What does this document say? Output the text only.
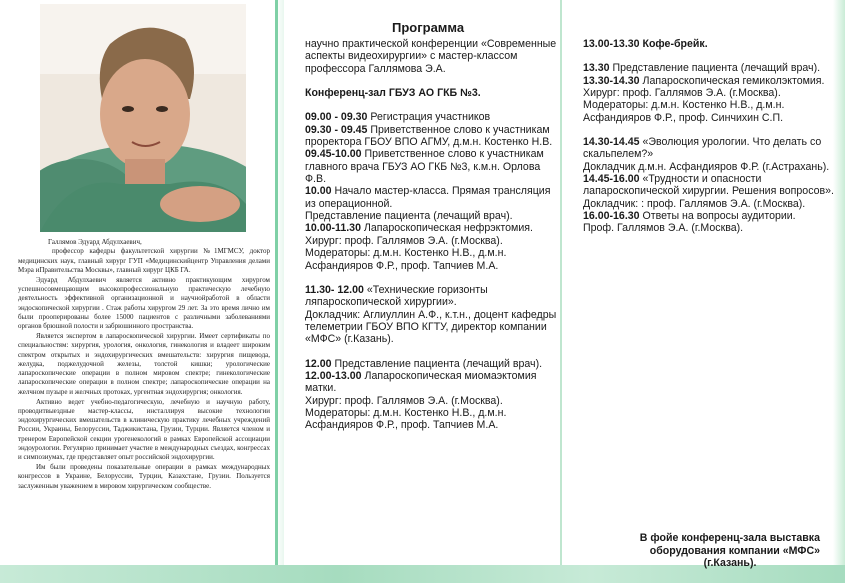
Галлямов Эдуард Абдулхаевич,

профессор кафедры факультетской хирургии №1МГМСУ, доктор медицинских наук, главный хирург ГУП «Медицинскийцентр Управления делами Мэра иПравительства Москвы», главный хирург ЦКБ ГА.

Эдуард Абдулхаевич является активно практикующим хирургом успешносовмещающим высокопрофессиональную практическую лечебную деятельность эффективной организационной и научнойработой в области эндоскопической хирургии . Стаж работы хирургом 29 лет. За это время лично им были прооперированы более 15000 пациентов с различными заболеваниями органов брюшной полости и забрюшинного пространства.

Является экспертом в лапароскопической хирургии. Имеет сертификаты по специальностям: хирургия, урология, онкология, гинекология и владеет широким спектром открытых и эндохирургических вмешательств: хирургия пищевода, желудка, поджелудочной железы, толстой кишки; урологические лапароскопические операции в полном мировом спектре; гинекологические лапароскопические операции в полном спектре; лапароскопические операции на желчном пузыре и желчных протоках, ургентная эндохирургия; онкология.

Активно ведет учебно-педагогическую, лечебную и научную работу, проводитвыездные мастер-классы, инсталлируя высокие технологии эндохирургических вмешательств в клиническую практику лечебных учреждений России, Украины, Белоруссии, Таджикистана, Грузии, Турции. Является членом и тренером Европейской секции урогенекологий в рамках Европейской ассоциации эндоурологии. Регулярно принимает участие в международных съездах, конгрессах и симпозиумах, где представляет опыт российской эндохирургии.

Им были проведены показательные операции в рамках международных конгрессов в Украине, Белоруссии, Турции, Казахстане, Грузии. Пользуется заслуженным уважением в мировом хирургическом сообществе.

Программа

научно практической конференции «Современные аспекты видеохирургии» с мастер-классом профессора Галлямова Э.А.

Конференц-зал ГБУЗ АО ГКБ №3.

09.00 - 09.30 Регистрация участников

09.30 - 09.45 Приветственное слово к участникам проректора ГБОУ ВПО АГМУ, д.м.н. Костенко Н.В.

09.45-10.00 Приветственное слово к участникам главного врача ГБУЗ АО ГКБ №3, к.м.н. Орлова Ф.В.

10.00 Начало мастер-класса. Прямая трансляция из операционной.

Представление пациента (лечащий врач).

10.00-11.30 Лапароскопическая нефрэктомия.

Хирург: проф. Галлямов Э.А. (г.Москва).

Модераторы: д.м.н. Костенко Н.В., д.м.н. Асфандияров Ф.Р., проф. Тапчиев М.А.

11.30- 12.00 «Технические горизонты ляпароскопической хирургии».

Докладчик: Аглиуллин А.Ф., к.т.н., доцент кафедры телеметрии ГБОУ ВПО КГТУ, директор компании «МФС» (г.Казань).

12.00 Представление пациента (лечащий врач).

12.00-13.00 Лапароскопическая миомаэктомия матки.

Хирург: проф. Галлямов Э.А. (г.Москва).

Модераторы: д.м.н. Костенко Н.В., д.м.н. Асфандияров Ф.Р., проф. Тапчиев М.А.

13.00-13.30 Кофе-брейк.

13.30 Представление пациента (лечащий врач).

13.30-14.30 Лапароскопическая гемиколэктомия.

Хирург: проф. Галлямов Э.А. (г.Москва).

Модераторы: д.м.н. Костенко Н.В., д.м.н. Асфандияров Ф.Р., проф. Синчихин С.П.

14.30-14.45 «Эволюция урологии. Что делать со скальпелем?»

Докладчик д.м.н. Асфандияров Ф.Р. (г.Астрахань).

14.45-16.00 «Трудности и опасности лапароскопической хирургии. Решения вопросов».

Докладчик: : проф. Галлямов Э.А. (г.Москва).

16.00-16.30 Ответы на вопросы аудитории.

Проф. Галлямов Э.А. (г.Москва).

В фойе конференц-зала выставка

оборудования компании «МФС»

(г.Казань).
